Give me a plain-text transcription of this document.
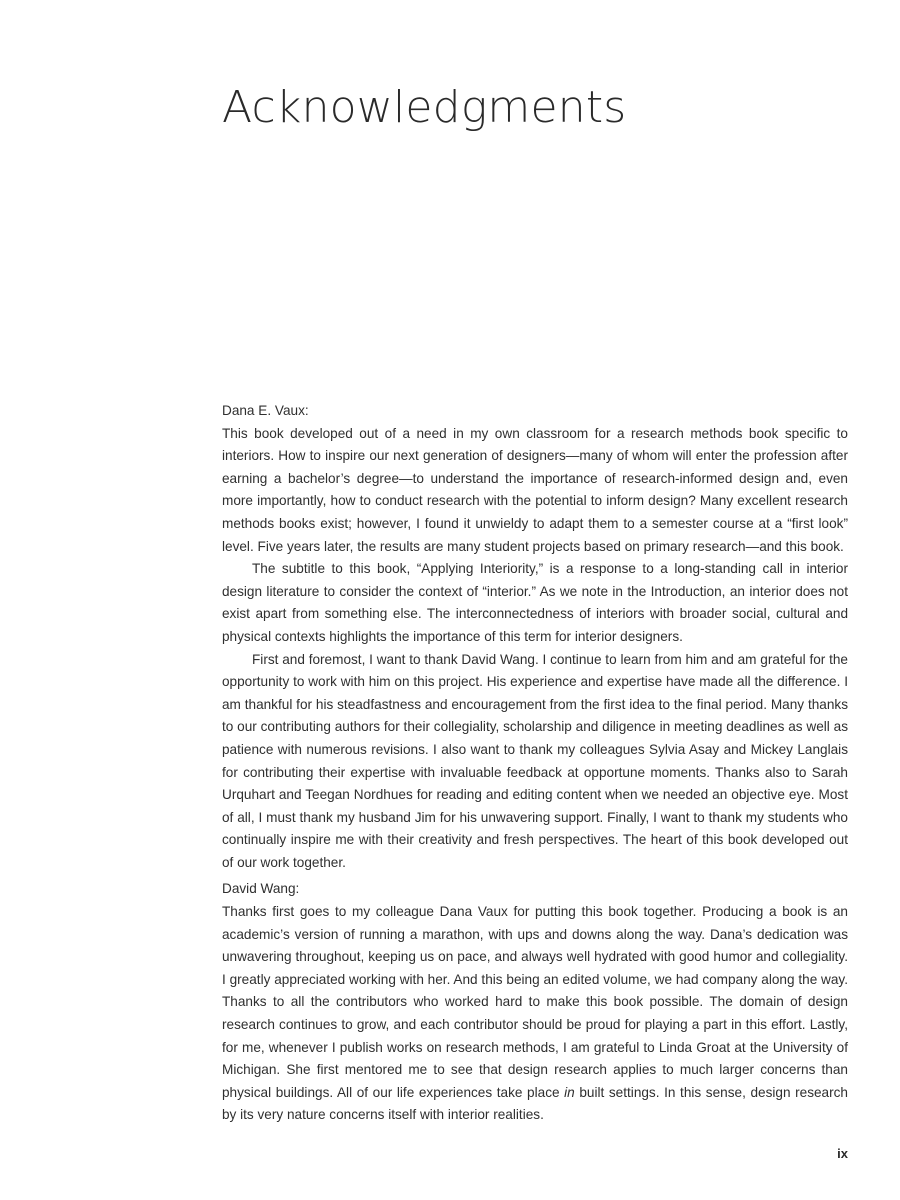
Acknowledgments

Dana E. Vaux:

This book developed out of a need in my own classroom for a research methods book specific to interiors. How to inspire our next generation of designers—many of whom will enter the profession after earning a bachelor’s degree—to understand the importance of research-informed design and, even more importantly, how to conduct research with the potential to inform design? Many excellent research methods books exist; however, I found it unwieldy to adapt them to a semester course at a “first look” level. Five years later, the results are many student projects based on primary research—and this book.

The subtitle to this book, “Applying Interiority,” is a response to a long-standing call in interior design literature to consider the context of “interior.” As we note in the Introduction, an interior does not exist apart from something else. The interconnectedness of interiors with broader social, cultural and physical contexts highlights the importance of this term for interior designers.

First and foremost, I want to thank David Wang. I continue to learn from him and am grateful for the opportunity to work with him on this project. His experience and expertise have made all the difference. I am thankful for his steadfastness and encouragement from the first idea to the final period. Many thanks to our contributing authors for their collegiality, scholarship and diligence in meeting deadlines as well as patience with numerous revisions. I also want to thank my colleagues Sylvia Asay and Mickey Langlais for contributing their expertise with invaluable feedback at opportune moments. Thanks also to Sarah Urquhart and Teegan Nordhues for reading and editing content when we needed an objective eye. Most of all, I must thank my husband Jim for his unwavering support. Finally, I want to thank my students who continually inspire me with their creativity and fresh perspectives. The heart of this book developed out of our work together.

David Wang:

Thanks first goes to my colleague Dana Vaux for putting this book together. Producing a book is an academic’s version of running a marathon, with ups and downs along the way. Dana’s dedication was unwavering throughout, keeping us on pace, and always well hydrated with good humor and collegiality. I greatly appreciated working with her. And this being an edited volume, we had company along the way. Thanks to all the contributors who worked hard to make this book possible. The domain of design research continues to grow, and each contributor should be proud for playing a part in this effort. Lastly, for me, whenever I publish works on research methods, I am grateful to Linda Groat at the University of Michigan. She first mentored me to see that design research applies to much larger concerns than physical buildings. All of our life experiences take place in built settings. In this sense, design research by its very nature concerns itself with interior realities.

ix
